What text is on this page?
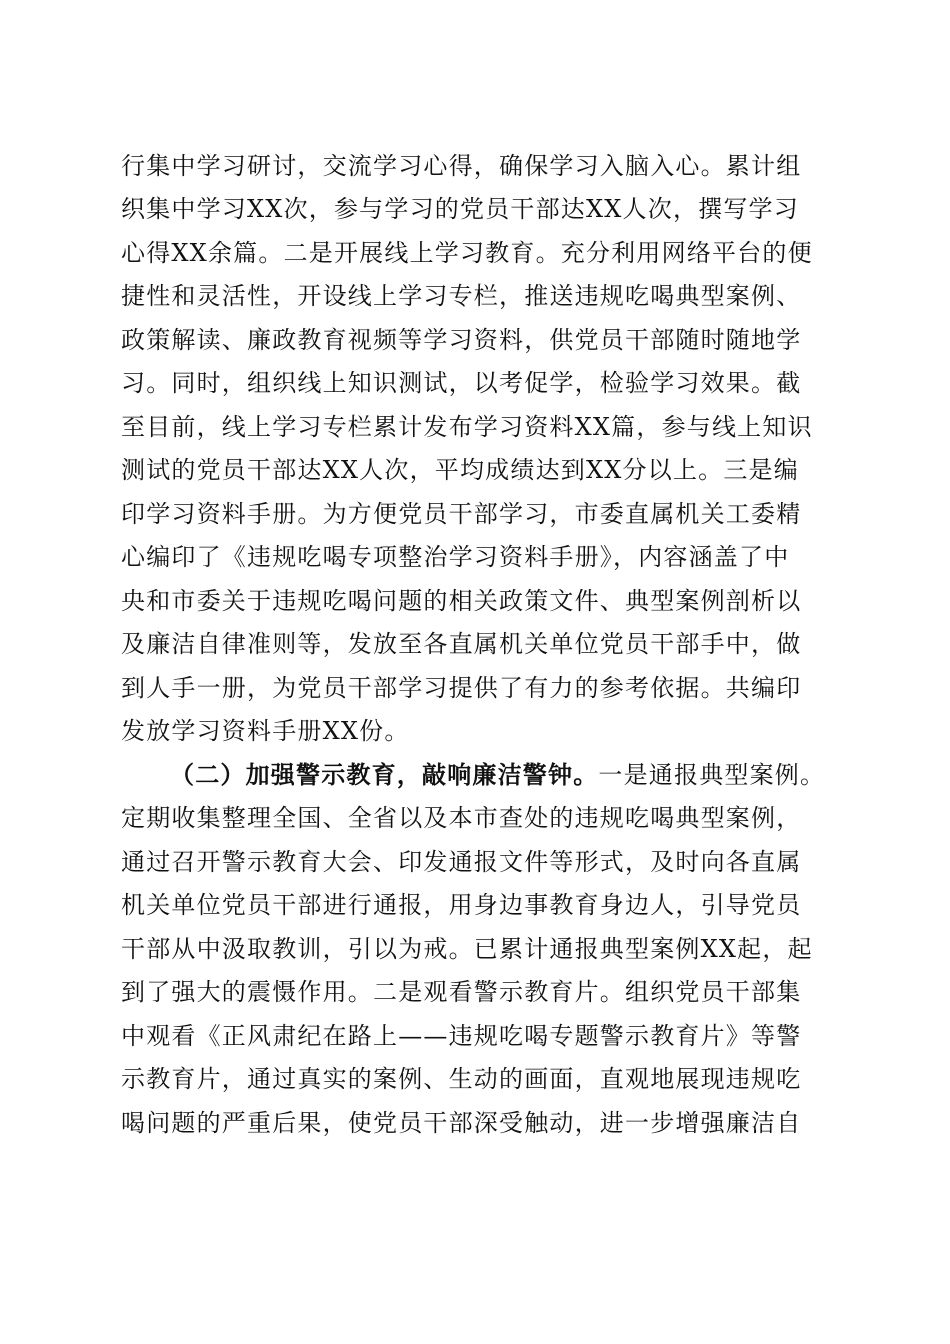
行集中学习研讨，交流学习心得，确保学习入脑入心。累计组
织集中学习XX次，参与学习的党员干部达XX人次，撰写学习
心得XX余篇。二是开展线上学习教育。充分利用网络平台的便
捷性和灵活性，开设线上学习专栏，推送违规吃喝典型案例、
政策解读、廉政教育视频等学习资料，供党员干部随时随地学
习。同时，组织线上知识测试，以考促学，检验学习效果。截
至目前，线上学习专栏累计发布学习资料XX篇，参与线上知识
测试的党员干部达XX人次，平均成绩达到XX分以上。三是编
印学习资料手册。为方便党员干部学习，市委直属机关工委精
心编印了《违规吃喝专项整治学习资料手册》，内容涵盖了中
央和市委关于违规吃喝问题的相关政策文件、典型案例剖析以
及廉洁自律准则等，发放至各直属机关单位党员干部手中，做
到人手一册，为党员干部学习提供了有力的参考依据。共编印
发放学习资料手册XX份。
（二）加强警示教育，敲响廉洁警钟。一是通报典型案例。
定期收集整理全国、全省以及本市查处的违规吃喝典型案例，
通过召开警示教育大会、印发通报文件等形式，及时向各直属
机关单位党员干部进行通报，用身边事教育身边人，引导党员
干部从中汲取教训，引以为戒。已累计通报典型案例XX起，起
到了强大的震慑作用。二是观看警示教育片。组织党员干部集
中观看《正风肃纪在路上——违规吃喝专题警示教育片》等警
示教育片，通过真实的案例、生动的画面，直观地展现违规吃
喝问题的严重后果，使党员干部深受触动，进一步增强廉洁自
